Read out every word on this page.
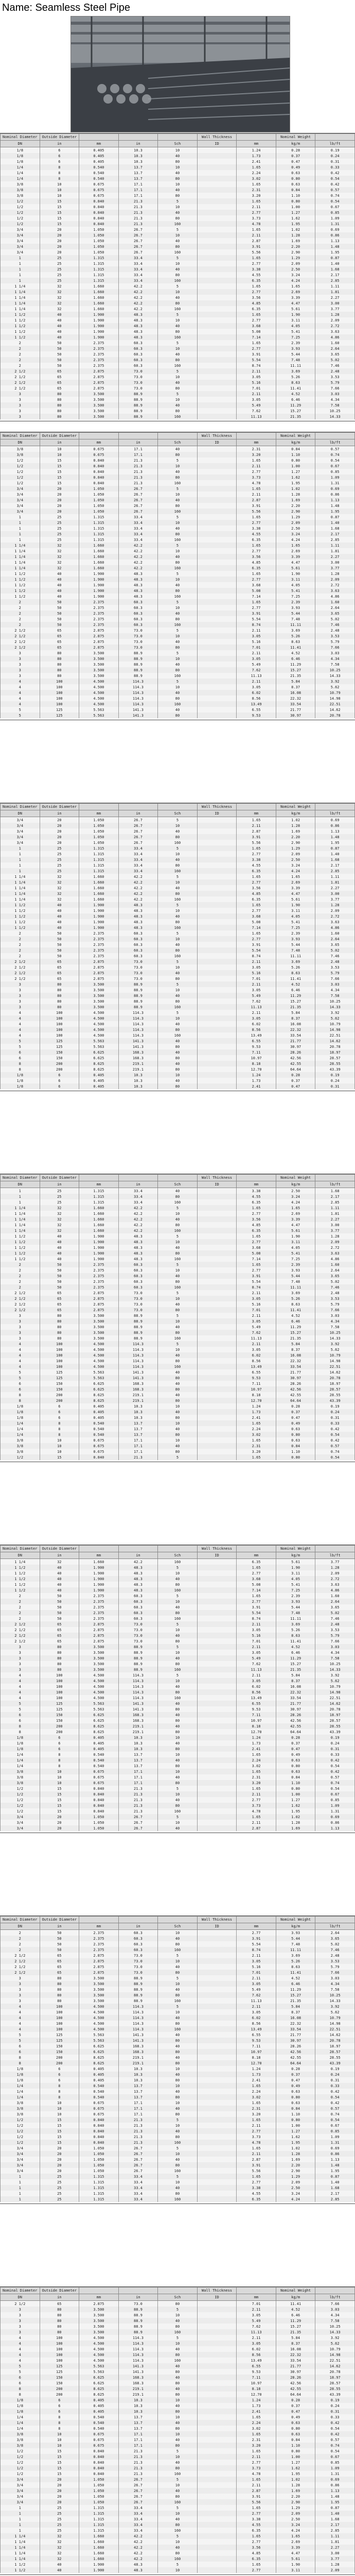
Name: Seamless Steel Pipe
Nominal Diameter	Outside Diameter				Wall Thickness		Nominal Weight	
DN	in	mm	in	Sch	ID	mm	kg/m	lb/ft
1/8	6	0.405	10.3	10		1.24	0.28	0.19
1/8	6	0.405	10.3	40		1.73	0.37	0.24
1/8	6	0.405	10.3	80		2.41	0.47	0.31
1/4	8	0.540	13.7	10		1.65	0.49	0.33
1/4	8	0.540	13.7	40		2.24	0.63	0.42
1/4	8	0.540	13.7	80		3.02	0.80	0.54
3/8	10	0.675	17.1	10		1.65	0.63	0.42
3/8	10	0.675	17.1	40		2.31	0.84	0.57
3/8	10	0.675	17.1	80		3.20	1.10	0.74
1/2	15	0.840	21.3	5		1.65	0.80	0.54
1/2	15	0.840	21.3	10		2.11	1.00	0.67
1/2	15	0.840	21.3	40		2.77	1.27	0.85
1/2	15	0.840	21.3	80		3.73	1.62	1.09
1/2	15	0.840	21.3	160		4.78	1.95	1.31
3/4	20	1.050	26.7	5		1.65	1.02	0.69
3/4	20	1.050	26.7	10		2.11	1.28	0.86
3/4	20	1.050	26.7	40		2.87	1.69	1.13
3/4	20	1.050	26.7	80		3.91	2.20	1.48
3/4	20	1.050	26.7	160		5.56	2.90	1.95
1	25	1.315	33.4	5		1.65	1.29	0.87
1	25	1.315	33.4	10		2.77	2.09	1.40
1	25	1.315	33.4	40		3.38	2.50	1.68
1	25	1.315	33.4	80		4.55	3.24	2.17
1	25	1.315	33.4	160		6.35	4.24	2.85
1 1/4	32	1.660	42.2	5		1.65	1.65	1.11
1 1/4	32	1.660	42.2	10		2.77	2.69	1.81
1 1/4	32	1.660	42.2	40		3.56	3.39	2.27
1 1/4	32	1.660	42.2	80		4.85	4.47	3.00
1 1/4	32	1.660	42.2	160		6.35	5.61	3.77
1 1/2	40	1.900	48.3	5		1.65	1.90	1.28
1 1/2	40	1.900	48.3	10		2.77	3.11	2.09
1 1/2	40	1.900	48.3	40		3.68	4.05	2.72
1 1/2	40	1.900	48.3	80		5.08	5.41	3.63
1 1/2	40	1.900	48.3	160		7.14	7.25	4.86
2	50	2.375	60.3	5		1.65	2.39	1.60
2	50	2.375	60.3	10		2.77	3.93	2.64
2	50	2.375	60.3	40		3.91	5.44	3.65
2	50	2.375	60.3	80		5.54	7.48	5.02
2	50	2.375	60.3	160		8.74	11.11	7.46
2 1/2	65	2.875	73.0	5		2.11	3.69	2.48
2 1/2	65	2.875	73.0	10		3.05	5.26	3.53
2 1/2	65	2.875	73.0	40		5.16	8.63	5.79
2 1/2	65	2.875	73.0	80		7.01	11.41	7.66
3	80	3.500	88.9	5		2.11	4.52	3.03
3	80	3.500	88.9	10		3.05	6.46	4.34
3	80	3.500	88.9	40		5.49	11.29	7.58
3	80	3.500	88.9	80		7.62	15.27	10.25
3	80	3.500	88.9	160		11.13	21.35	14.33
Nominal Diameter	Outside Diameter				Wall Thickness		Nominal Weight	
DN	in	mm	in	Sch	ID	mm	kg/m	lb/ft
3/8	10	0.675	17.1	40		2.31	0.84	0.57
3/8	10	0.675	17.1	80		3.20	1.10	0.74
1/2	15	0.840	21.3	5		1.65	0.80	0.54
1/2	15	0.840	21.3	10		2.11	1.00	0.67
1/2	15	0.840	21.3	40		2.77	1.27	0.85
1/2	15	0.840	21.3	80		3.73	1.62	1.09
1/2	15	0.840	21.3	160		4.78	1.95	1.31
3/4	20	1.050	26.7	5		1.65	1.02	0.69
3/4	20	1.050	26.7	10		2.11	1.28	0.86
3/4	20	1.050	26.7	40		2.87	1.69	1.13
3/4	20	1.050	26.7	80		3.91	2.20	1.48
3/4	20	1.050	26.7	160		5.56	2.90	1.95
1	25	1.315	33.4	5		1.65	1.29	0.87
1	25	1.315	33.4	10		2.77	2.09	1.40
1	25	1.315	33.4	40		3.38	2.50	1.68
1	25	1.315	33.4	80		4.55	3.24	2.17
1	25	1.315	33.4	160		6.35	4.24	2.85
1 1/4	32	1.660	42.2	5		1.65	1.65	1.11
1 1/4	32	1.660	42.2	10		2.77	2.69	1.81
1 1/4	32	1.660	42.2	40		3.56	3.39	2.27
1 1/4	32	1.660	42.2	80		4.85	4.47	3.00
1 1/4	32	1.660	42.2	160		6.35	5.61	3.77
1 1/2	40	1.900	48.3	5		1.65	1.90	1.28
1 1/2	40	1.900	48.3	10		2.77	3.11	2.09
1 1/2	40	1.900	48.3	40		3.68	4.05	2.72
1 1/2	40	1.900	48.3	80		5.08	5.41	3.63
1 1/2	40	1.900	48.3	160		7.14	7.25	4.86
2	50	2.375	60.3	5		1.65	2.39	1.60
2	50	2.375	60.3	10		2.77	3.93	2.64
2	50	2.375	60.3	40		3.91	5.44	3.65
2	50	2.375	60.3	80		5.54	7.48	5.02
2	50	2.375	60.3	160		8.74	11.11	7.46
2 1/2	65	2.875	73.0	5		2.11	3.69	2.48
2 1/2	65	2.875	73.0	10		3.05	5.26	3.53
2 1/2	65	2.875	73.0	40		5.16	8.63	5.79
2 1/2	65	2.875	73.0	80		7.01	11.41	7.66
3	80	3.500	88.9	5		2.11	4.52	3.03
3	80	3.500	88.9	10		3.05	6.46	4.34
3	80	3.500	88.9	40		5.49	11.29	7.58
3	80	3.500	88.9	80		7.62	15.27	10.25
3	80	3.500	88.9	160		11.13	21.35	14.33
4	100	4.500	114.3	5		2.11	5.84	3.92
4	100	4.500	114.3	10		3.05	8.37	5.62
4	100	4.500	114.3	40		6.02	16.08	10.79
4	100	4.500	114.3	80		8.56	22.32	14.98
4	100	4.500	114.3	160		13.49	33.54	22.51
5	125	5.563	141.3	40		6.55	21.77	14.62
5	125	5.563	141.3	80		9.53	30.97	20.78
Nominal Diameter	Outside Diameter				Wall Thickness		Nominal Weight	
DN	in	mm	in	Sch	ID	mm	kg/m	lb/ft
3/4	20	1.050	26.7	5		1.65	1.02	0.69
3/4	20	1.050	26.7	10		2.11	1.28	0.86
3/4	20	1.050	26.7	40		2.87	1.69	1.13
3/4	20	1.050	26.7	80		3.91	2.20	1.48
3/4	20	1.050	26.7	160		5.56	2.90	1.95
1	25	1.315	33.4	5		1.65	1.29	0.87
1	25	1.315	33.4	10		2.77	2.09	1.40
1	25	1.315	33.4	40		3.38	2.50	1.68
1	25	1.315	33.4	80		4.55	3.24	2.17
1	25	1.315	33.4	160		6.35	4.24	2.85
1 1/4	32	1.660	42.2	5		1.65	1.65	1.11
1 1/4	32	1.660	42.2	10		2.77	2.69	1.81
1 1/4	32	1.660	42.2	40		3.56	3.39	2.27
1 1/4	32	1.660	42.2	80		4.85	4.47	3.00
1 1/4	32	1.660	42.2	160		6.35	5.61	3.77
1 1/2	40	1.900	48.3	5		1.65	1.90	1.28
1 1/2	40	1.900	48.3	10		2.77	3.11	2.09
1 1/2	40	1.900	48.3	40		3.68	4.05	2.72
1 1/2	40	1.900	48.3	80		5.08	5.41	3.63
1 1/2	40	1.900	48.3	160		7.14	7.25	4.86
2	50	2.375	60.3	5		1.65	2.39	1.60
2	50	2.375	60.3	10		2.77	3.93	2.64
2	50	2.375	60.3	40		3.91	5.44	3.65
2	50	2.375	60.3	80		5.54	7.48	5.02
2	50	2.375	60.3	160		8.74	11.11	7.46
2 1/2	65	2.875	73.0	5		2.11	3.69	2.48
2 1/2	65	2.875	73.0	10		3.05	5.26	3.53
2 1/2	65	2.875	73.0	40		5.16	8.63	5.79
2 1/2	65	2.875	73.0	80		7.01	11.41	7.66
3	80	3.500	88.9	5		2.11	4.52	3.03
3	80	3.500	88.9	10		3.05	6.46	4.34
3	80	3.500	88.9	40		5.49	11.29	7.58
3	80	3.500	88.9	80		7.62	15.27	10.25
3	80	3.500	88.9	160		11.13	21.35	14.33
4	100	4.500	114.3	5		2.11	5.84	3.92
4	100	4.500	114.3	10		3.05	8.37	5.62
4	100	4.500	114.3	40		6.02	16.08	10.79
4	100	4.500	114.3	80		8.56	22.32	14.98
4	100	4.500	114.3	160		13.49	33.54	22.51
5	125	5.563	141.3	40		6.55	21.77	14.62
5	125	5.563	141.3	80		9.53	30.97	20.78
6	150	6.625	168.3	40		7.11	28.26	18.97
6	150	6.625	168.3	80		10.97	42.56	28.57
8	200	8.625	219.1	40		8.18	42.55	28.55
8	200	8.625	219.1	80		12.70	64.64	43.39
1/8	6	0.405	10.3	10		1.24	0.28	0.19
1/8	6	0.405	10.3	40		1.73	0.37	0.24
1/8	6	0.405	10.3	80		2.41	0.47	0.31
Nominal Diameter	Outside Diameter				Wall Thickness		Nominal Weight	
DN	in	mm	in	Sch	ID	mm	kg/m	lb/ft
1	25	1.315	33.4	40		3.38	2.50	1.68
1	25	1.315	33.4	80		4.55	3.24	2.17
1	25	1.315	33.4	160		6.35	4.24	2.85
1 1/4	32	1.660	42.2	5		1.65	1.65	1.11
1 1/4	32	1.660	42.2	10		2.77	2.69	1.81
1 1/4	32	1.660	42.2	40		3.56	3.39	2.27
1 1/4	32	1.660	42.2	80		4.85	4.47	3.00
1 1/4	32	1.660	42.2	160		6.35	5.61	3.77
1 1/2	40	1.900	48.3	5		1.65	1.90	1.28
1 1/2	40	1.900	48.3	10		2.77	3.11	2.09
1 1/2	40	1.900	48.3	40		3.68	4.05	2.72
1 1/2	40	1.900	48.3	80		5.08	5.41	3.63
1 1/2	40	1.900	48.3	160		7.14	7.25	4.86
2	50	2.375	60.3	5		1.65	2.39	1.60
2	50	2.375	60.3	10		2.77	3.93	2.64
2	50	2.375	60.3	40		3.91	5.44	3.65
2	50	2.375	60.3	80		5.54	7.48	5.02
2	50	2.375	60.3	160		8.74	11.11	7.46
2 1/2	65	2.875	73.0	5		2.11	3.69	2.48
2 1/2	65	2.875	73.0	10		3.05	5.26	3.53
2 1/2	65	2.875	73.0	40		5.16	8.63	5.79
2 1/2	65	2.875	73.0	80		7.01	11.41	7.66
3	80	3.500	88.9	5		2.11	4.52	3.03
3	80	3.500	88.9	10		3.05	6.46	4.34
3	80	3.500	88.9	40		5.49	11.29	7.58
3	80	3.500	88.9	80		7.62	15.27	10.25
3	80	3.500	88.9	160		11.13	21.35	14.33
4	100	4.500	114.3	5		2.11	5.84	3.92
4	100	4.500	114.3	10		3.05	8.37	5.62
4	100	4.500	114.3	40		6.02	16.08	10.79
4	100	4.500	114.3	80		8.56	22.32	14.98
4	100	4.500	114.3	160		13.49	33.54	22.51
5	125	5.563	141.3	40		6.55	21.77	14.62
5	125	5.563	141.3	80		9.53	30.97	20.78
6	150	6.625	168.3	40		7.11	28.26	18.97
6	150	6.625	168.3	80		10.97	42.56	28.57
8	200	8.625	219.1	40		8.18	42.55	28.55
8	200	8.625	219.1	80		12.70	64.64	43.39
1/8	6	0.405	10.3	10		1.24	0.28	0.19
1/8	6	0.405	10.3	40		1.73	0.37	0.24
1/8	6	0.405	10.3	80		2.41	0.47	0.31
1/4	8	0.540	13.7	10		1.65	0.49	0.33
1/4	8	0.540	13.7	40		2.24	0.63	0.42
1/4	8	0.540	13.7	80		3.02	0.80	0.54
3/8	10	0.675	17.1	10		1.65	0.63	0.42
3/8	10	0.675	17.1	40		2.31	0.84	0.57
3/8	10	0.675	17.1	80		3.20	1.10	0.74
1/2	15	0.840	21.3	5		1.65	0.80	0.54
Nominal Diameter	Outside Diameter				Wall Thickness		Nominal Weight	
DN	in	mm	in	Sch	ID	mm	kg/m	lb/ft
1 1/4	32	1.660	42.2	160		6.35	5.61	3.77
1 1/2	40	1.900	48.3	5		1.65	1.90	1.28
1 1/2	40	1.900	48.3	10		2.77	3.11	2.09
1 1/2	40	1.900	48.3	40		3.68	4.05	2.72
1 1/2	40	1.900	48.3	80		5.08	5.41	3.63
1 1/2	40	1.900	48.3	160		7.14	7.25	4.86
2	50	2.375	60.3	5		1.65	2.39	1.60
2	50	2.375	60.3	10		2.77	3.93	2.64
2	50	2.375	60.3	40		3.91	5.44	3.65
2	50	2.375	60.3	80		5.54	7.48	5.02
2	50	2.375	60.3	160		8.74	11.11	7.46
2 1/2	65	2.875	73.0	5		2.11	3.69	2.48
2 1/2	65	2.875	73.0	10		3.05	5.26	3.53
2 1/2	65	2.875	73.0	40		5.16	8.63	5.79
2 1/2	65	2.875	73.0	80		7.01	11.41	7.66
3	80	3.500	88.9	5		2.11	4.52	3.03
3	80	3.500	88.9	10		3.05	6.46	4.34
3	80	3.500	88.9	40		5.49	11.29	7.58
3	80	3.500	88.9	80		7.62	15.27	10.25
3	80	3.500	88.9	160		11.13	21.35	14.33
4	100	4.500	114.3	5		2.11	5.84	3.92
4	100	4.500	114.3	10		3.05	8.37	5.62
4	100	4.500	114.3	40		6.02	16.08	10.79
4	100	4.500	114.3	80		8.56	22.32	14.98
4	100	4.500	114.3	160		13.49	33.54	22.51
5	125	5.563	141.3	40		6.55	21.77	14.62
5	125	5.563	141.3	80		9.53	30.97	20.78
6	150	6.625	168.3	40		7.11	28.26	18.97
6	150	6.625	168.3	80		10.97	42.56	28.57
8	200	8.625	219.1	40		8.18	42.55	28.55
8	200	8.625	219.1	80		12.70	64.64	43.39
1/8	6	0.405	10.3	10		1.24	0.28	0.19
1/8	6	0.405	10.3	40		1.73	0.37	0.24
1/8	6	0.405	10.3	80		2.41	0.47	0.31
1/4	8	0.540	13.7	10		1.65	0.49	0.33
1/4	8	0.540	13.7	40		2.24	0.63	0.42
1/4	8	0.540	13.7	80		3.02	0.80	0.54
3/8	10	0.675	17.1	10		1.65	0.63	0.42
3/8	10	0.675	17.1	40		2.31	0.84	0.57
3/8	10	0.675	17.1	80		3.20	1.10	0.74
1/2	15	0.840	21.3	5		1.65	0.80	0.54
1/2	15	0.840	21.3	10		2.11	1.00	0.67
1/2	15	0.840	21.3	40		2.77	1.27	0.85
1/2	15	0.840	21.3	80		3.73	1.62	1.09
1/2	15	0.840	21.3	160		4.78	1.95	1.31
3/4	20	1.050	26.7	5		1.65	1.02	0.69
3/4	20	1.050	26.7	10		2.11	1.28	0.86
3/4	20	1.050	26.7	40		2.87	1.69	1.13
Nominal Diameter	Outside Diameter				Wall Thickness		Nominal Weight	
DN	in	mm	in	Sch	ID	mm	kg/m	lb/ft
2	50	2.375	60.3	10		2.77	3.93	2.64
2	50	2.375	60.3	40		3.91	5.44	3.65
2	50	2.375	60.3	80		5.54	7.48	5.02
2	50	2.375	60.3	160		8.74	11.11	7.46
2 1/2	65	2.875	73.0	5		2.11	3.69	2.48
2 1/2	65	2.875	73.0	10		3.05	5.26	3.53
2 1/2	65	2.875	73.0	40		5.16	8.63	5.79
2 1/2	65	2.875	73.0	80		7.01	11.41	7.66
3	80	3.500	88.9	5		2.11	4.52	3.03
3	80	3.500	88.9	10		3.05	6.46	4.34
3	80	3.500	88.9	40		5.49	11.29	7.58
3	80	3.500	88.9	80		7.62	15.27	10.25
3	80	3.500	88.9	160		11.13	21.35	14.33
4	100	4.500	114.3	5		2.11	5.84	3.92
4	100	4.500	114.3	10		3.05	8.37	5.62
4	100	4.500	114.3	40		6.02	16.08	10.79
4	100	4.500	114.3	80		8.56	22.32	14.98
4	100	4.500	114.3	160		13.49	33.54	22.51
5	125	5.563	141.3	40		6.55	21.77	14.62
5	125	5.563	141.3	80		9.53	30.97	20.78
6	150	6.625	168.3	40		7.11	28.26	18.97
6	150	6.625	168.3	80		10.97	42.56	28.57
8	200	8.625	219.1	40		8.18	42.55	28.55
8	200	8.625	219.1	80		12.70	64.64	43.39
1/8	6	0.405	10.3	10		1.24	0.28	0.19
1/8	6	0.405	10.3	40		1.73	0.37	0.24
1/8	6	0.405	10.3	80		2.41	0.47	0.31
1/4	8	0.540	13.7	10		1.65	0.49	0.33
1/4	8	0.540	13.7	40		2.24	0.63	0.42
1/4	8	0.540	13.7	80		3.02	0.80	0.54
3/8	10	0.675	17.1	10		1.65	0.63	0.42
3/8	10	0.675	17.1	40		2.31	0.84	0.57
3/8	10	0.675	17.1	80		3.20	1.10	0.74
1/2	15	0.840	21.3	5		1.65	0.80	0.54
1/2	15	0.840	21.3	10		2.11	1.00	0.67
1/2	15	0.840	21.3	40		2.77	1.27	0.85
1/2	15	0.840	21.3	80		3.73	1.62	1.09
1/2	15	0.840	21.3	160		4.78	1.95	1.31
3/4	20	1.050	26.7	5		1.65	1.02	0.69
3/4	20	1.050	26.7	10		2.11	1.28	0.86
3/4	20	1.050	26.7	40		2.87	1.69	1.13
3/4	20	1.050	26.7	80		3.91	2.20	1.48
3/4	20	1.050	26.7	160		5.56	2.90	1.95
1	25	1.315	33.4	5		1.65	1.29	0.87
1	25	1.315	33.4	10		2.77	2.09	1.40
1	25	1.315	33.4	40		3.38	2.50	1.68
1	25	1.315	33.4	80		4.55	3.24	2.17
1	25	1.315	33.4	160		6.35	4.24	2.85
Nominal Diameter	Outside Diameter				Wall Thickness		Nominal Weight	
DN	in	mm	in	Sch	ID	mm	kg/m	lb/ft
2 1/2	65	2.875	73.0	80		7.01	11.41	7.66
3	80	3.500	88.9	5		2.11	4.52	3.03
3	80	3.500	88.9	10		3.05	6.46	4.34
3	80	3.500	88.9	40		5.49	11.29	7.58
3	80	3.500	88.9	80		7.62	15.27	10.25
3	80	3.500	88.9	160		11.13	21.35	14.33
4	100	4.500	114.3	5		2.11	5.84	3.92
4	100	4.500	114.3	10		3.05	8.37	5.62
4	100	4.500	114.3	40		6.02	16.08	10.79
4	100	4.500	114.3	80		8.56	22.32	14.98
4	100	4.500	114.3	160		13.49	33.54	22.51
5	125	5.563	141.3	40		6.55	21.77	14.62
5	125	5.563	141.3	80		9.53	30.97	20.78
6	150	6.625	168.3	40		7.11	28.26	18.97
6	150	6.625	168.3	80		10.97	42.56	28.57
8	200	8.625	219.1	40		8.18	42.55	28.55
8	200	8.625	219.1	80		12.70	64.64	43.39
1/8	6	0.405	10.3	10		1.24	0.28	0.19
1/8	6	0.405	10.3	40		1.73	0.37	0.24
1/8	6	0.405	10.3	80		2.41	0.47	0.31
1/4	8	0.540	13.7	10		1.65	0.49	0.33
1/4	8	0.540	13.7	40		2.24	0.63	0.42
1/4	8	0.540	13.7	80		3.02	0.80	0.54
3/8	10	0.675	17.1	10		1.65	0.63	0.42
3/8	10	0.675	17.1	40		2.31	0.84	0.57
3/8	10	0.675	17.1	80		3.20	1.10	0.74
1/2	15	0.840	21.3	5		1.65	0.80	0.54
1/2	15	0.840	21.3	10		2.11	1.00	0.67
1/2	15	0.840	21.3	40		2.77	1.27	0.85
1/2	15	0.840	21.3	80		3.73	1.62	1.09
1/2	15	0.840	21.3	160		4.78	1.95	1.31
3/4	20	1.050	26.7	5		1.65	1.02	0.69
3/4	20	1.050	26.7	10		2.11	1.28	0.86
3/4	20	1.050	26.7	40		2.87	1.69	1.13
3/4	20	1.050	26.7	80		3.91	2.20	1.48
3/4	20	1.050	26.7	160		5.56	2.90	1.95
1	25	1.315	33.4	5		1.65	1.29	0.87
1	25	1.315	33.4	10		2.77	2.09	1.40
1	25	1.315	33.4	40		3.38	2.50	1.68
1	25	1.315	33.4	80		4.55	3.24	2.17
1	25	1.315	33.4	160		6.35	4.24	2.85
1 1/4	32	1.660	42.2	5		1.65	1.65	1.11
1 1/4	32	1.660	42.2	10		2.77	2.69	1.81
1 1/4	32	1.660	42.2	40		3.56	3.39	2.27
1 1/4	32	1.660	42.2	80		4.85	4.47	3.00
1 1/4	32	1.660	42.2	160		6.35	5.61	3.77
1 1/2	40	1.900	48.3	5		1.65	1.90	1.28
1 1/2	40	1.900	48.3	10		2.77	3.11	2.09
